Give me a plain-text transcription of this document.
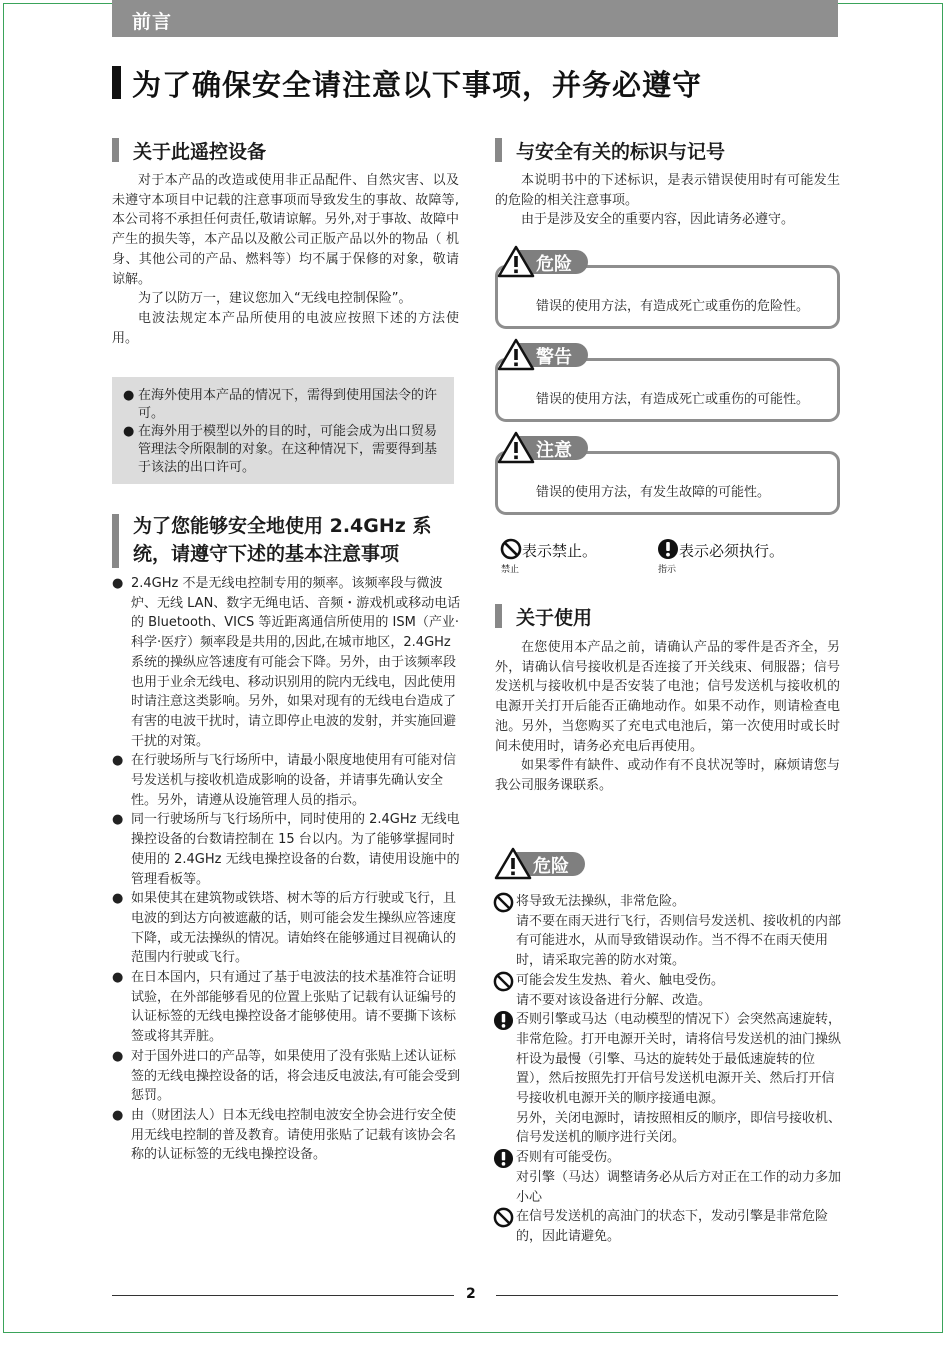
前言
为了确保安全请注意以下事项，并务必遵守
关于此遥控设备

对于本产品的改造或使用非正品配件、自然灾害、以及未遵守本项目中记载的注意事项而导致发生的事故、故障等,本公司将不承担任何责任,敬请谅解。另外,对于事故、故障中产生的损失等，本产品以及敝公司正版产品以外的物品（ 机身、其他公司的产品、燃料等）均不属于保修的对象，敬请谅解。

为了以防万一，建议您加入“无线电控制保险”。

电波法规定本产品所使用的电波应按照下述的方法使用。

● 在海外使用本产品的情况下，需得到使用国法令的许可。
● 在海外用于模型以外的目的时，可能会成为出口贸易管理法令所限制的对象。在这种情况下，需要得到基于该法的出口许可。
为了您能够安全地使用 2.4GHz 系
统，请遵守下述的基本注意事项
● 2.4GHz 不是无线电控制专用的频率。该频率段与微波炉、无线 LAN、数字无绳电话、音频・游戏机或移动电话的 Bluetooth、VICS 等近距离通信所使用的 ISM（产业·科学·医疗）频率段是共用的,因此,在城市地区，2.4GHz 系统的操纵应答速度有可能会下降。另外，由于该频率段也用于业余无线电、移动识别用的院内无线电，因此使用时请注意这类影响。另外，如果对现有的无线电台造成了有害的电波干扰时，请立即停止电波的发射，并实施回避干扰的对策。
● 在行驶场所与飞行场所中，请最小限度地使用有可能对信号发送机与接收机造成影响的设备，并请事先确认安全性。另外，请遵从设施管理人员的指示。
● 同一行驶场所与飞行场所中，同时使用的 2.4GHz 无线电操控设备的台数请控制在 15 台以内。为了能够掌握同时使用的 2.4GHz 无线电操控设备的台数，请使用设施中的管理看板等。
● 如果使其在建筑物或铁塔、树木等的后方行驶或飞行，且电波的到达方向被遮蔽的话，则可能会发生操纵应答速度下降，或无法操纵的情况。请始终在能够通过目视确认的范围内行驶或飞行。
● 在日本国内，只有通过了基于电波法的技术基准符合证明试验，在外部能够看见的位置上张贴了记载有认证编号的认证标签的无线电操控设备才能够使用。请不要撕下该标签或将其弄脏。
● 对于国外进口的产品等，如果使用了没有张贴上述认证标签的无线电操控设备的话，将会违反电波法,有可能会受到惩罚。
● 由（财团法人）日本无线电控制电波安全协会进行安全使用无线电控制的普及教育。请使用张贴了记载有该协会名称的认证标签的无线电操控设备。
与安全有关的标识与记号

本说明书中的下述标识，是表示错误使用时有可能发生的危险的相关注意事项。

由于是涉及安全的重要内容，因此请务必遵守。

危险
错误的使用方法，有造成死亡或重伤的危险性。
警告
错误的使用方法，有造成死亡或重伤的可能性。
注意
错误的使用方法，有发生故障的可能性。
表示禁止。
禁止
表示必须执行。
指示
关于使用

在您使用本产品之前，请确认产品的零件是否齐全，另外，请确认信号接收机是否连接了开关线束、伺服器；信号发送机与接收机中是否安装了电池；信号发送机与接收机的电源开关打开后能否正确地动作。如果不动作，则请检查电池。另外，当您购买了充电式电池后，第一次使用时或长时间未使用时，请务必充电后再使用。

如果零件有缺件、或动作有不良状况等时，麻烦请您与我公司服务课联系。

危险
将导致无法操纵，非常危险。
请不要在雨天进行飞行，否则信号发送机、接收机的内部有可能进水，从而导致错误动作。当不得不在雨天使用时，请采取完善的防水对策。
可能会发生发热、着火、触电受伤。
请不要对该设备进行分解、改造。
否则引擎或马达（电动模型的情况下）会突然高速旋转，非常危险。打开电源开关时，请将信号发送机的油门操纵杆设为最慢（引擎、马达的旋转处于最低速旋转的位置），然后按照先打开信号发送机电源开关、然后打开信号接收机电源开关的顺序接通电源。
另外，关闭电源时，请按照相反的顺序，即信号接收机、信号发送机的顺序进行关闭。
否则有可能受伤。
对引擎（马达）调整请务必从后方对正在工作的动力多加小心
在信号发送机的高油门的状态下，发动引擎是非常危险的，因此请避免。
2
